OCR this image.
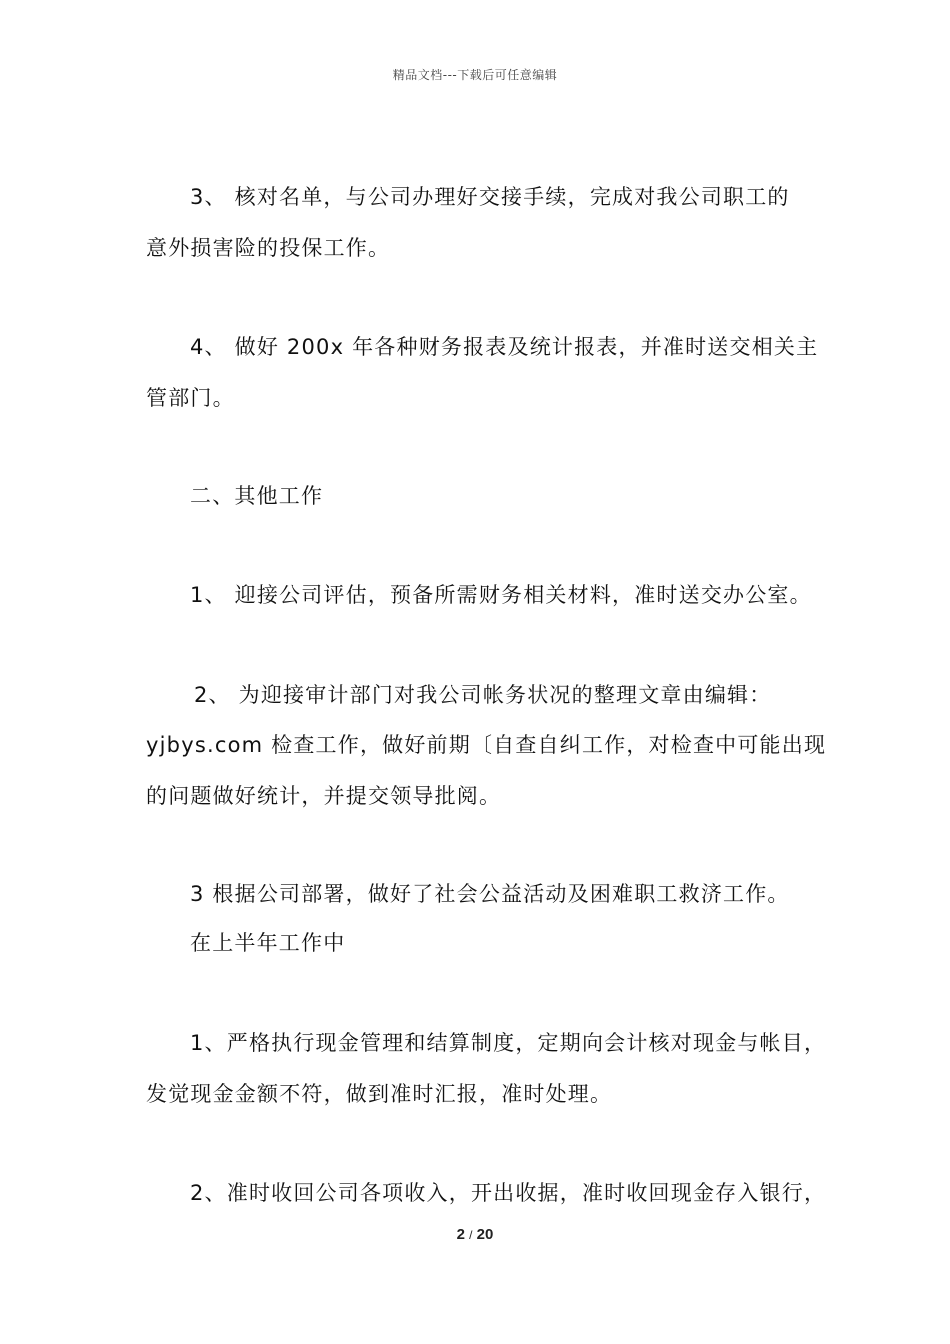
精品文档---下载后可任意编辑
3、 核对名单，与公司办理好交接手续，完成对我公司职工的
意外损害险的投保工作。
4、 做好 200x 年各种财务报表及统计报表，并准时送交相关主
管部门。
二、其他工作
1、 迎接公司评估，预备所需财务相关材料，准时送交办公室。
2、 为迎接审计部门对我公司帐务状况的整理文章由编辑：
yjbys.com 检查工作，做好前期〔自查自纠工作，对检查中可能出现
的问题做好统计，并提交领导批阅。
3 根据公司部署，做好了社会公益活动及困难职工救济工作。
在上半年工作中
1、严格执行现金管理和结算制度，定期向会计核对现金与帐目，
发觉现金金额不符，做到准时汇报，准时处理。
2、准时收回公司各项收入，开出收据，准时收回现金存入银行，
2 / 20
